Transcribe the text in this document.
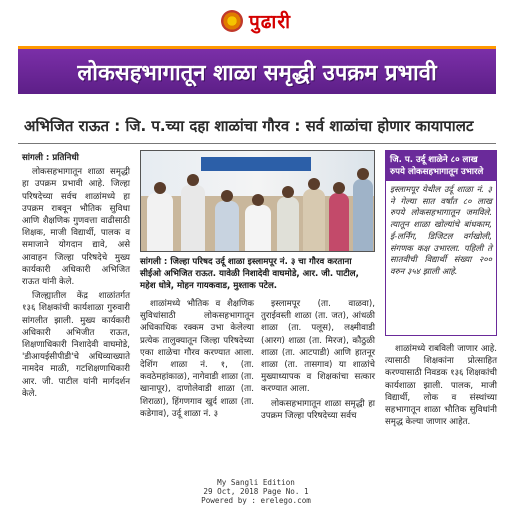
पुढारी
लोकसहभागातून शाळा समृद्धी उपक्रम प्रभावी
अभिजित राऊत : जि. प.च्या दहा शाळांचा गौरव : सर्व शाळांचा होणार कायापालट

सांगली : प्रतिनिधी

लोकसहभागातून शाळा समृद्धी हा उपक्रम प्रभावी आहे. जिल्हा परिषदेच्या सर्वच शाळांमध्ये हा उपक्रम राबवून भौतिक सुविधा आणि शैक्षणिक गुणवत्ता वाढीसाठी शिक्षक, माजी विद्यार्थी, पालक व समाजाने योगदान द्यावे, असे आवाहन जिल्हा परिषदेचे मुख्य कार्यकारी अधिकारी अभिजित राऊत यांनी केले.

जिल्ह्यातील केंद्र शाळांतर्गत १३६ शिक्षकांची कार्यशाळा गुरुवारी सांगलीत झाली. मुख्य कार्यकारी अधिकारी अभिजीत राऊत, शिक्षणाधिकारी निशादेवी वाघमोडे, 'डीआयईसीपीडी'चे अधिव्याख्याते नामदेव माळी, गटशिक्षणाधिकारी आर. जी. पाटील यांनी मार्गदर्शन केले.

सांगली : जिल्हा परिषद उर्दू शाळा इस्लामपूर नं. ३ चा गौरव करताना सीईओ अभिजित राऊत. यावेळी निशादेवी वाघमोडे, आर. जी. पाटील, महेश धोत्रे, मोहन गायकवाड, मुश्ताक पटेल.

शाळांमध्ये भौतिक व शैक्षणिक सुविधांसाठी लोकसहभागातून अधिकाधिक रक्कम उभा केलेल्या प्रत्येक तालुक्यातून जिल्हा परिषदेच्या एका शाळेचा गौरव करण्यात आला. देशिंग शाळा नं. १, (ता. कवठेमहांकाळ), नागेवाडी शाळा (ता. खानापूर), दाणोलेवाडी शाळा (ता. शिराळा), हिंगणगाव खुर्द शाळा (ता. कडेगाव), उर्दू शाळा नं. ३

इस्लामपूर (ता. वाळवा), तुराईवस्ती शाळा (ता. जत), आंधळी शाळा (ता. पलूस), लक्ष्मीवाडी (आरग) शाळा (ता. मिरज), कौठुळी शाळा (ता. आटपाडी) आणि हातनूर शाळा (ता. तासगाव) या शाळांचे मुख्याध्यापक व शिक्षकांचा सत्कार करण्यात आला.

लोकसहभागातून शाळा समृद्धी हा उपक्रम जिल्हा परिषदेच्या सर्वच

जि. प. उर्दू शाळेने ८० लाख रुपये लोकसहभागातून उभारले
इस्लामपूर येथील उर्दू शाळा नं. ३ ने गेल्या सात वर्षांत ८० लाख रुपये लोकसहभागातून जमविले. त्यातून शाळा खोल्यांचे बांधकाम, ई-लर्निंग, डिजिटल वर्गखोली, संगणक कक्ष उभारला. पहिली ते सातवीची विद्यार्थी संख्या २०० वरुन ३५४ झाली आहे.

शाळांमध्ये राबविली जाणार आहे. त्यासाठी शिक्षकांना प्रोत्साहित करण्यासाठी निवडक १३६ शिक्षकांची कार्यशाळा झाली. पालक, माजी विद्यार्थी, लोक व संस्थांच्या सहभागातून शाळा भौतिक सुविधांनी समृद्ध केल्या जाणार आहेत.

My Sangli Edition
29 Oct, 2018 Page No. 1
Powered by : erelego.com
